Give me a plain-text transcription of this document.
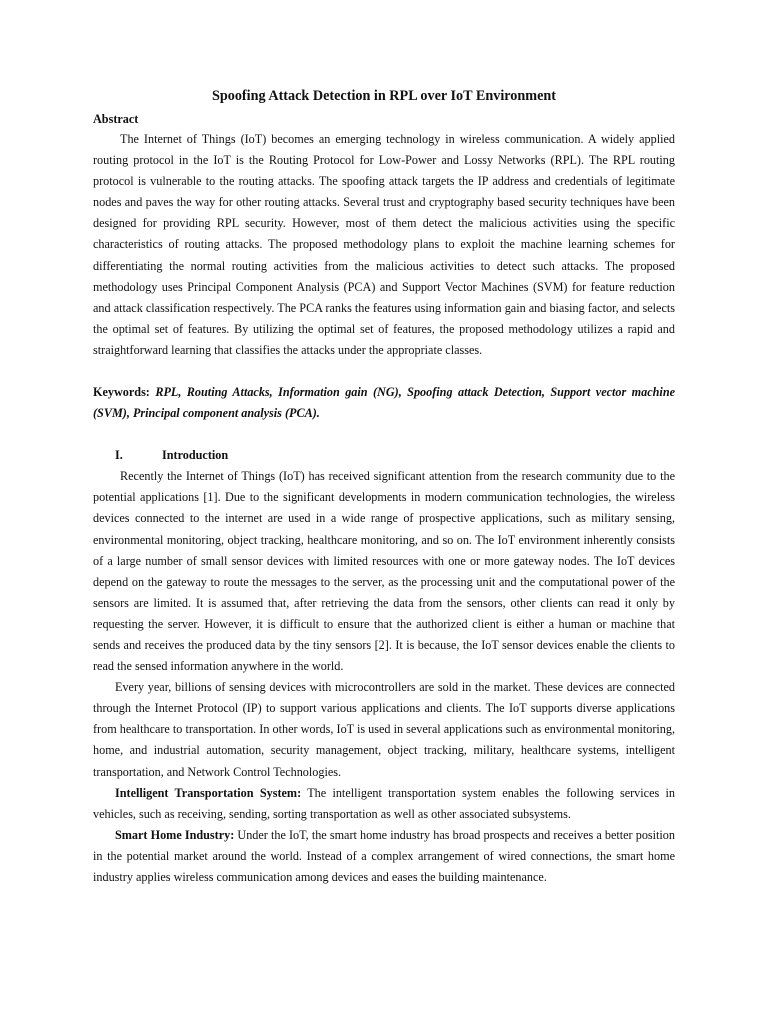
Spoofing Attack Detection in RPL over IoT Environment
Abstract

The Internet of Things (IoT) becomes an emerging technology in wireless communication. A widely applied routing protocol in the IoT is the Routing Protocol for Low-Power and Lossy Networks (RPL). The RPL routing protocol is vulnerable to the routing attacks. The spoofing attack targets the IP address and credentials of legitimate nodes and paves the way for other routing attacks. Several trust and cryptography based security techniques have been designed for providing RPL security. However, most of them detect the malicious activities using the specific characteristics of routing attacks. The proposed methodology plans to exploit the machine learning schemes for differentiating the normal routing activities from the malicious activities to detect such attacks. The proposed methodology uses Principal Component Analysis (PCA) and Support Vector Machines (SVM) for feature reduction and attack classification respectively. The PCA ranks the features using information gain and biasing factor, and selects the optimal set of features. By utilizing the optimal set of features, the proposed methodology utilizes a rapid and straightforward learning that classifies the attacks under the appropriate classes.

Keywords: RPL, Routing Attacks, Information gain (NG), Spoofing attack Detection, Support vector machine (SVM), Principal component analysis (PCA).

I.	Introduction

Recently the Internet of Things (IoT) has received significant attention from the research community due to the potential applications [1]. Due to the significant developments in modern communication technologies, the wireless devices connected to the internet are used in a wide range of prospective applications, such as military sensing, environmental monitoring, object tracking, healthcare monitoring, and so on. The IoT environment inherently consists of a large number of small sensor devices with limited resources with one or more gateway nodes. The IoT devices depend on the gateway to route the messages to the server, as the processing unit and the computational power of the sensors are limited. It is assumed that, after retrieving the data from the sensors, other clients can read it only by requesting the server. However, it is difficult to ensure that the authorized client is either a human or machine that sends and receives the produced data by the tiny sensors [2]. It is because, the IoT sensor devices enable the clients to read the sensed information anywhere in the world.

Every year, billions of sensing devices with microcontrollers are sold in the market. These devices are connected through the Internet Protocol (IP) to support various applications and clients. The IoT supports diverse applications from healthcare to transportation. In other words, IoT is used in several applications such as environmental monitoring, home, and industrial automation, security management, object tracking, military, healthcare systems, intelligent transportation, and Network Control Technologies.

Intelligent Transportation System: The intelligent transportation system enables the following services in vehicles, such as receiving, sending, sorting transportation as well as other associated subsystems.

Smart Home Industry: Under the IoT, the smart home industry has broad prospects and receives a better position in the potential market around the world. Instead of a complex arrangement of wired connections, the smart home industry applies wireless communication among devices and eases the building maintenance.
